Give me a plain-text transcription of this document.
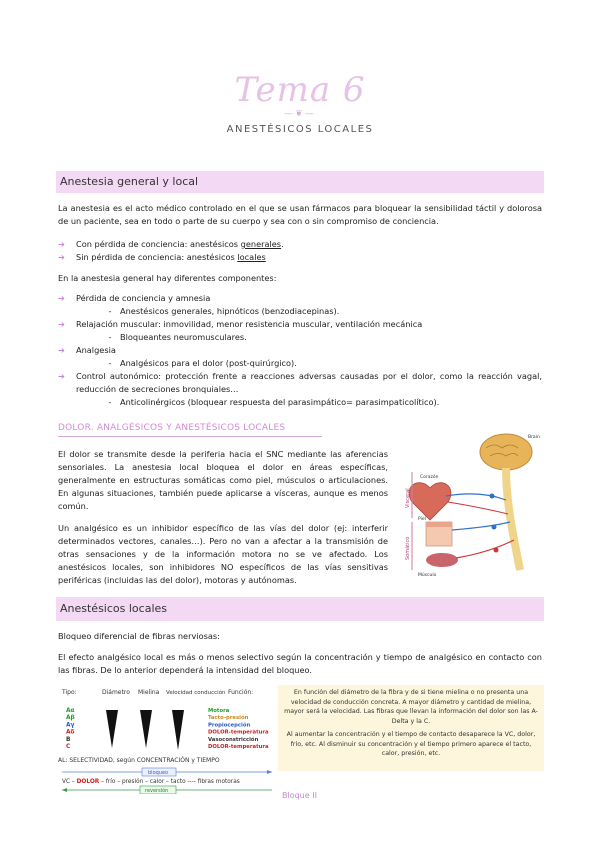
Tema 6
—❦—
ANESTÉSICOS LOCALES
Anestesia general y local
La anestesia es el acto médico controlado en el que se usan fármacos para bloquear la sensibilidad táctil y dolorosa de un paciente, sea en todo o parte de su cuerpo y sea con o sin compromiso de conciencia.
➔ Con pérdida de conciencia: anestésicos generales.
➔ Sin pérdida de conciencia: anestésicos locales
En la anestesia general hay diferentes componentes:
➔ Pérdida de conciencia y amnesia
- Anestésicos generales, hipnóticos (benzodiacepinas).
➔ Relajación muscular: inmovilidad, menor resistencia muscular, ventilación mecánica
- Bloqueantes neuromusculares.
➔ Analgesia
- Analgésicos para el dolor (post-quirúrgico).
➔	Control autonómico: protección frente a reacciones adversas causadas por el dolor, como la reacción vagal, reducción de secreciones bronquiales…
- Anticolinérgicos (bloquear respuesta del parasimpático= parasimpaticolítico).
DOLOR. ANALGÉSICOS Y ANESTÉSICOS LOCALES
El dolor se transmite desde la periferia hacia el SNC mediante las aferencias sensoriales. La anestesia local bloquea el dolor en áreas específicas, generalmente en estructuras somáticas como piel, músculos o articulaciones. En algunas situaciones, también puede aplicarse a vísceras, aunque es menos común.
Un analgésico es un inhibidor específico de las vías del dolor (ej: interferir determinados vectores, canales…). Pero no van a afectar a la transmisión de otras sensaciones y de la información motora no se ve afectado. Los anestésicos locales, son inhibidores NO específicos de las vías sensitivas periféricas (incluidas las del dolor), motoras y autónomas.
Visceral
Somático
Brain
Corazón
Piel
Músculo
Anestésicos locales
Bloqueo diferencial de fibras nerviosas:
El efecto analgésico local es más o menos selectivo según la concentración y tiempo de analgésico en contacto con las fibras. De lo anterior dependerá la intensidad del bloqueo.
Tipo:	Diámetro Mielina Velocidad conducción Función:
Aα
Aβ
Aγ
Aδ
B
C
Motora
Tacto-presión
Propiocepción
DOLOR-temperatura
Vasoconstricción
DOLOR-temperatura
AL: SELECTIVIDAD, según CONCENTRACIÓN y TIEMPO
bloqueo
VC – DOLOR – frío – presión – calor – tacto ---- fibras motoras
reversión
En función del diámetro de la fibra y de si tiene mielina o no presenta una velocidad de conducción concreta. A mayor diámetro y cantidad de mielina, mayor será la velocidad. Las fibras que llevan la información del dolor son las A-Delta y la C.
Al aumentar la concentración y el tiempo de contacto desaparece la VC, dolor, frío, etc. Al disminuir su concentración y el tiempo primero aparece el tacto, calor, presión, etc.
Bloque II
